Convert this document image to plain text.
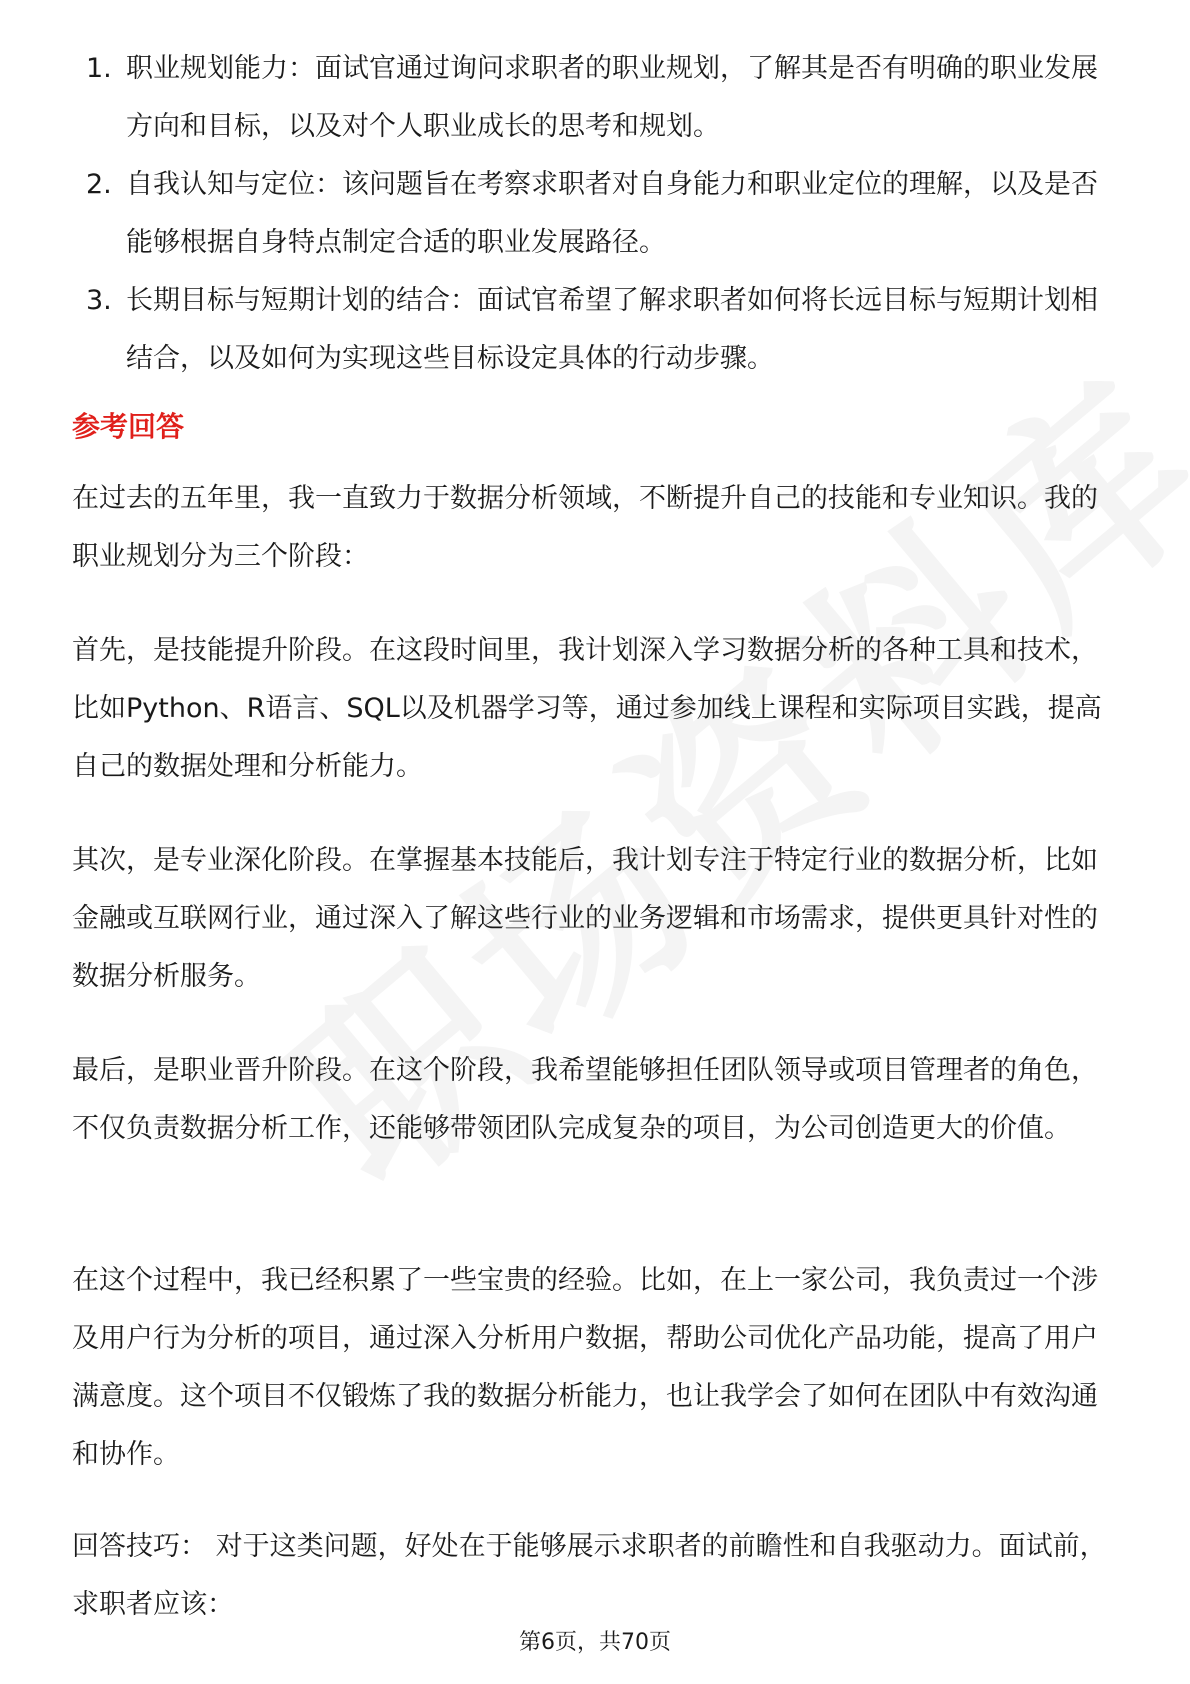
1. 职业规划能力：面试官通过询问求职者的职业规划，了解其是否有明确的职业发展方向和目标，以及对个人职业成长的思考和规划。
2. 自我认知与定位：该问题旨在考察求职者对自身能力和职业定位的理解，以及是否能够根据自身特点制定合适的职业发展路径。
3. 长期目标与短期计划的结合：面试官希望了解求职者如何将长远目标与短期计划相结合，以及如何为实现这些目标设定具体的行动步骤。
参考回答

在过去的五年里，我一直致力于数据分析领域，不断提升自己的技能和专业知识。我的职业规划分为三个阶段：

首先，是技能提升阶段。在这段时间里，我计划深入学习数据分析的各种工具和技术，比如Python、R语言、SQL以及机器学习等，通过参加线上课程和实际项目实践，提高自己的数据处理和分析能力。

其次，是专业深化阶段。在掌握基本技能后，我计划专注于特定行业的数据分析，比如金融或互联网行业，通过深入了解这些行业的业务逻辑和市场需求，提供更具针对性的数据分析服务。

最后，是职业晋升阶段。在这个阶段，我希望能够担任团队领导或项目管理者的角色，不仅负责数据分析工作，还能够带领团队完成复杂的项目，为公司创造更大的价值。

在这个过程中，我已经积累了一些宝贵的经验。比如，在上一家公司，我负责过一个涉及用户行为分析的项目，通过深入分析用户数据，帮助公司优化产品功能，提高了用户满意度。这个项目不仅锻炼了我的数据分析能力，也让我学会了如何在团队中有效沟通和协作。

回答技巧： 对于这类问题，好处在于能够展示求职者的前瞻性和自我驱动力。面试前，求职者应该：

第6页，共70页
